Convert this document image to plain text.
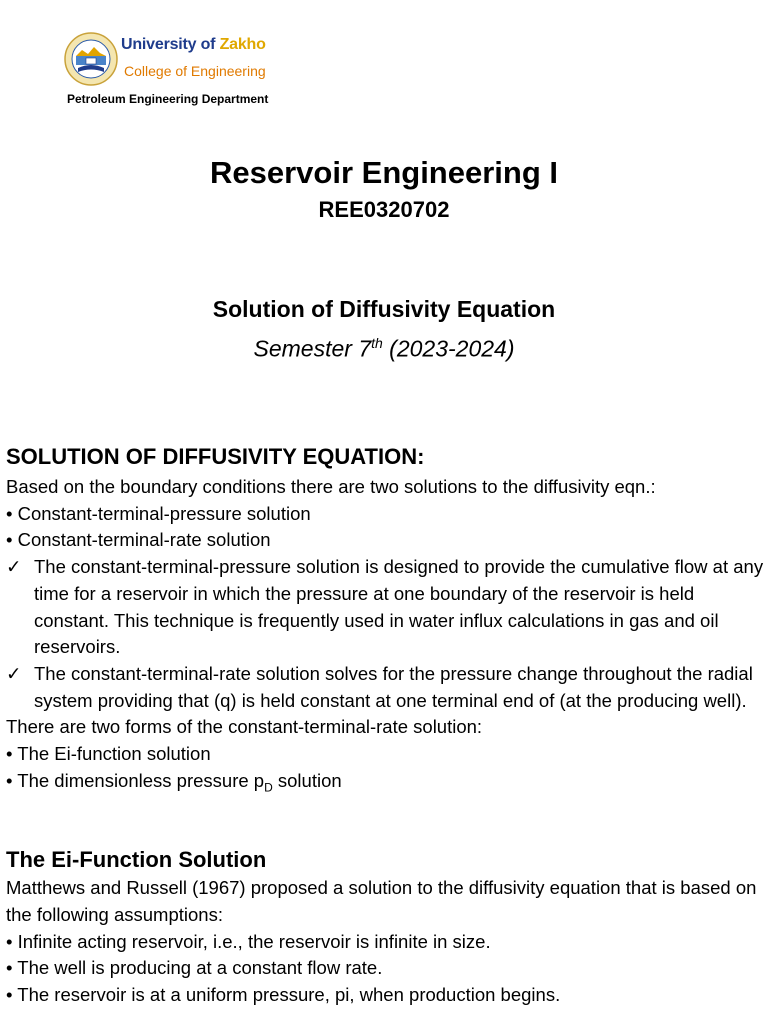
University of Zakho
College of Engineering
Petroleum Engineering Department
Reservoir Engineering I
REE0320702
Solution of Diffusivity Equation
Semester 7th (2023-2024)
SOLUTION OF DIFFUSIVITY EQUATION:
Based on the boundary conditions there are two solutions to the diffusivity eqn.:
• Constant-terminal-pressure solution
• Constant-terminal-rate solution
✓ The constant-terminal-pressure solution is designed to provide the cumulative flow at any time for a reservoir in which the pressure at one boundary of the reservoir is held constant. This technique is frequently used in water influx calculations in gas and oil reservoirs.
✓ The constant-terminal-rate solution solves for the pressure change throughout the radial system providing that (q) is held constant at one terminal end of (at the producing well).
There are two forms of the constant-terminal-rate solution:
• The Ei-function solution
• The dimensionless pressure $p_D$ solution
The Ei-Function Solution
Matthews and Russell (1967) proposed a solution to the diffusivity equation that is based on the following assumptions:
• Infinite acting reservoir, i.e., the reservoir is infinite in size.
• The well is producing at a constant flow rate.
• The reservoir is at a uniform pressure, pi, when production begins.
